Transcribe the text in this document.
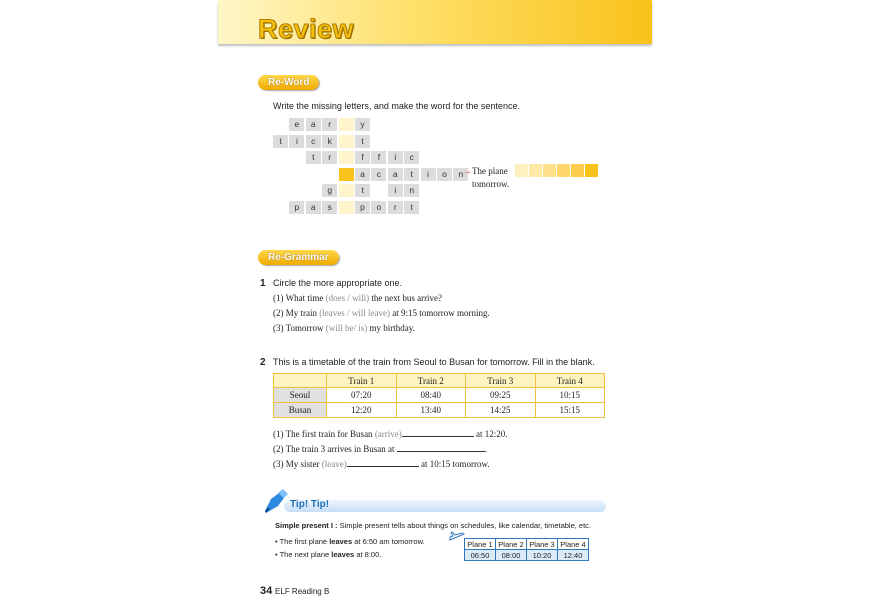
Review
Re-Word
Write the missing letters, and make the word for the sentence.
e	a	r	y
t	i	c	k	t
t	r	f	f	i	c
a	c	a	t	i	o	n
g	t	i	n
p	a	s	p	o	r	t
→ The plane
tomorrow.
Re-Grammar
1 Circle the more appropriate one.
(1) What time (does / will) the next bus arrive?
(2) My train (leaves / will leave) at 9:15 tomorrow morning.
(3) Tomorrow (will be/ is) my birthday.
2 This is a timetable of the train from Seoul to Busan for tomorrow. Fill in the blank.
	Train 1	Train 2	Train 3	Train 4
Seoul	07:20	08:40	09:25	10:15
Busan	12:20	13:40	14:25	15:15
(1) The first train for Busan (arrive)	at 12:20.
(2) The train 3 arrives in Busan at	.
(3) My sister (leave)	at 10:15 tomorrow.
Tip! Tip!
Simple present I : Simple present tells about things on schedules, like calendar, timetable, etc.
• The first plane leaves at 6:50 am tomorrow.
• The next plane leaves at 8:00.
Plane 1	Plane 2	Plane 3	Plane 4
06:50	08:00	10:20	12:40
34 ELF Reading B
